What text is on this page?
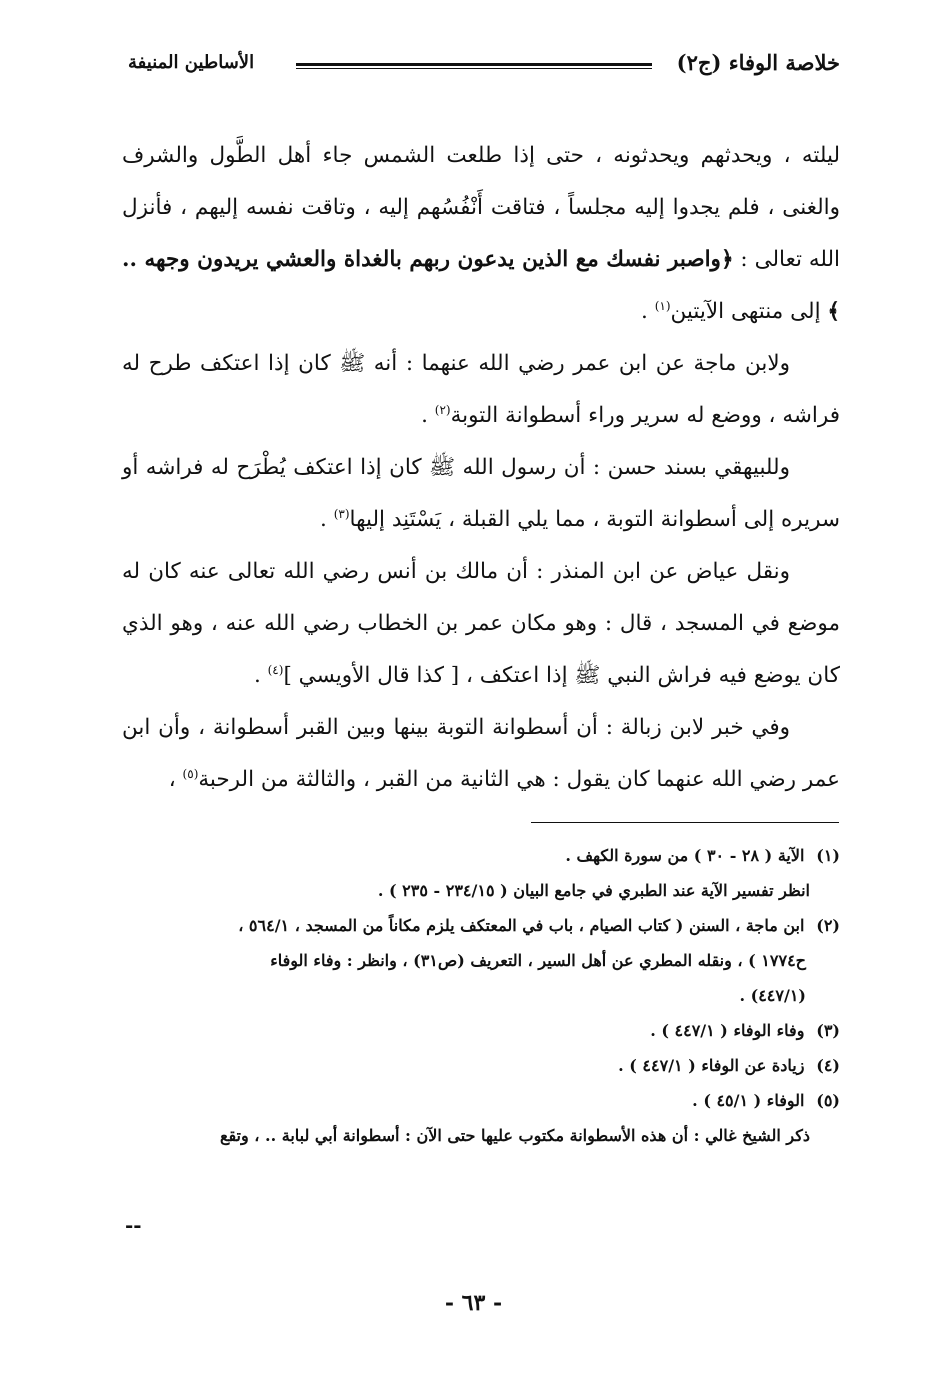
خلاصة الوفاء (ج٢)
الأساطين المنيفة

ليلته ، ويحدثهم ويحدثونه ، حتى إذا طلعت الشمس جاء أهل الطَّول والشرف والغنى ، فلم يجدوا إليه مجلساً ، فتاقت أَنْفُسُهم إليه ، وتاقت نفسه إليهم ، فأنزل الله تعالى : ﴿واصبر نفسك مع الذين يدعون ربهم بالغداة والعشي يريدون وجهه .. ﴾ إلى منتهى الآيتين$^{(١)}$ .

ولابن ماجة عن ابن عمر رضي الله عنهما : أنه ﷺ كان إذا اعتكف طرح له فراشه ، ووضع له سرير وراء أسطوانة التوبة$^{(٢)}$ .

وللبيهقي بسند حسن : أن رسول الله ﷺ كان إذا اعتكف يُطْرَح له فراشه أو سريره إلى أسطوانة التوبة ، مما يلي القبلة ، يَسْتَنِد إليها$^{(٣)}$ .

ونقل عياض عن ابن المنذر : أن مالك بن أنس رضي الله تعالى عنه كان له موضع في المسجد ، قال : وهو مكان عمر بن الخطاب رضي الله عنه ، وهو الذي كان يوضع فيه فراش النبي ﷺ إذا اعتكف ، [ كذا قال الأويسي ]$^{(٤)}$ .

وفي خبر لابن زبالة : أن أسطوانة التوبة بينها وبين القبر أسطوانة ، وأن ابن عمر رضي الله عنهما كان يقول : هي الثانية من القبر ، والثالثة من الرحبة$^{(٥)}$ ،

(١) الآية ( ٢٨ - ٣٠ ) من سورة الكهف .

انظر تفسير الآية عند الطبري في جامع البيان ( ٢٣٤/١٥ - ٢٣٥ ) .

(٢) ابن ماجة ، السنن ( كتاب الصيام ، باب في المعتكف يلزم مكاناً من المسجد ، ٥٦٤/١ ،

ح١٧٧٤ ) ، ونقله المطري عن أهل السير ، التعريف (ص٣١) ، وانظر : وفاء الوفاء

(٤٤٧/١) .

(٣) وفاء الوفاء ( ٤٤٧/١ ) .

(٤) زيادة عن الوفاء ( ٤٤٧/١ ) .

(٥) الوفاء ( ٤٥/١ ) .

ذكر الشيخ غالي : أن هذه الأسطوانة مكتوب عليها حتى الآن : أسطوانة أبي لبابة .. ، وتقع

--
- ٦٣ -
